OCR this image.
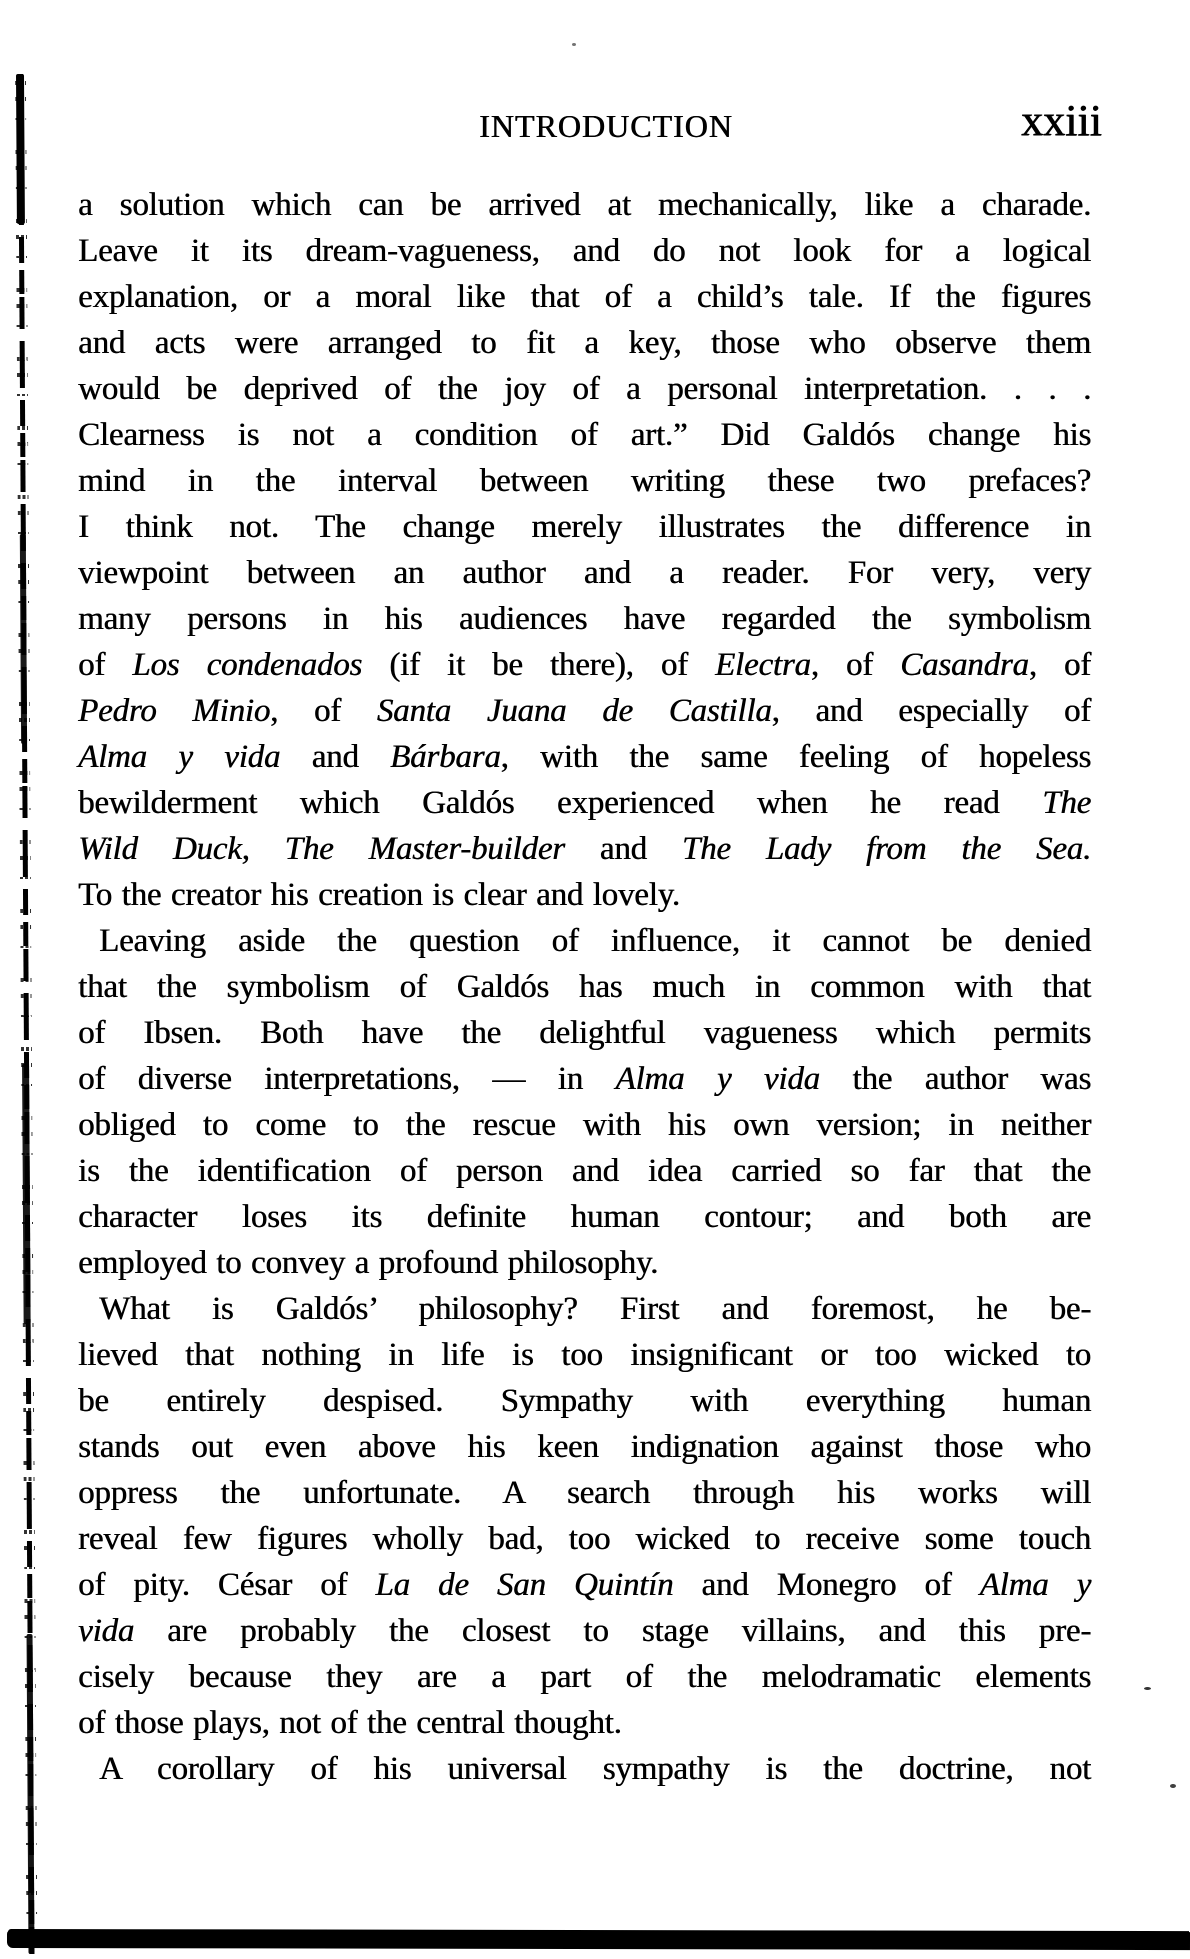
INTRODUCTION	xxiii
a solution which can be arrived at mechanically, like a charade.
Leave it its dream-vagueness, and do not look for a logical
explanation, or a moral like that of a child’s tale. If the figures
and acts were arranged to fit a key, those who observe them
would be deprived of the joy of a personal interpretation. . . .
Clearness is not a condition of art.” Did Galdós change his
mind in the interval between writing these two prefaces?
I think not. The change merely illustrates the difference in
viewpoint between an author and a reader. For very, very
many persons in his audiences have regarded the symbolism
of Los condenados (if it be there), of Electra, of Casandra, of
Pedro Minio, of Santa Juana de Castilla, and especially of
Alma y vida and Bárbara, with the same feeling of hopeless
bewilderment which Galdós experienced when he read The
Wild Duck, The Master-builder and The Lady from the Sea.
To the creator his creation is clear and lovely.
Leaving aside the question of influence, it cannot be denied
that the symbolism of Galdós has much in common with that
of Ibsen. Both have the delightful vagueness which permits
of diverse interpretations, — in Alma y vida the author was
obliged to come to the rescue with his own version; in neither
is the identification of person and idea carried so far that the
character loses its definite human contour; and both are
employed to convey a profound philosophy.
What is Galdós’ philosophy? First and foremost, he be-
lieved that nothing in life is too insignificant or too wicked to
be entirely despised. Sympathy with everything human
stands out even above his keen indignation against those who
oppress the unfortunate. A search through his works will
reveal few figures wholly bad, too wicked to receive some touch
of pity. César of La de San Quintín and Monegro of Alma y
vida are probably the closest to stage villains, and this pre-
cisely because they are a part of the melodramatic elements
of those plays, not of the central thought.
A corollary of his universal sympathy is the doctrine, not
